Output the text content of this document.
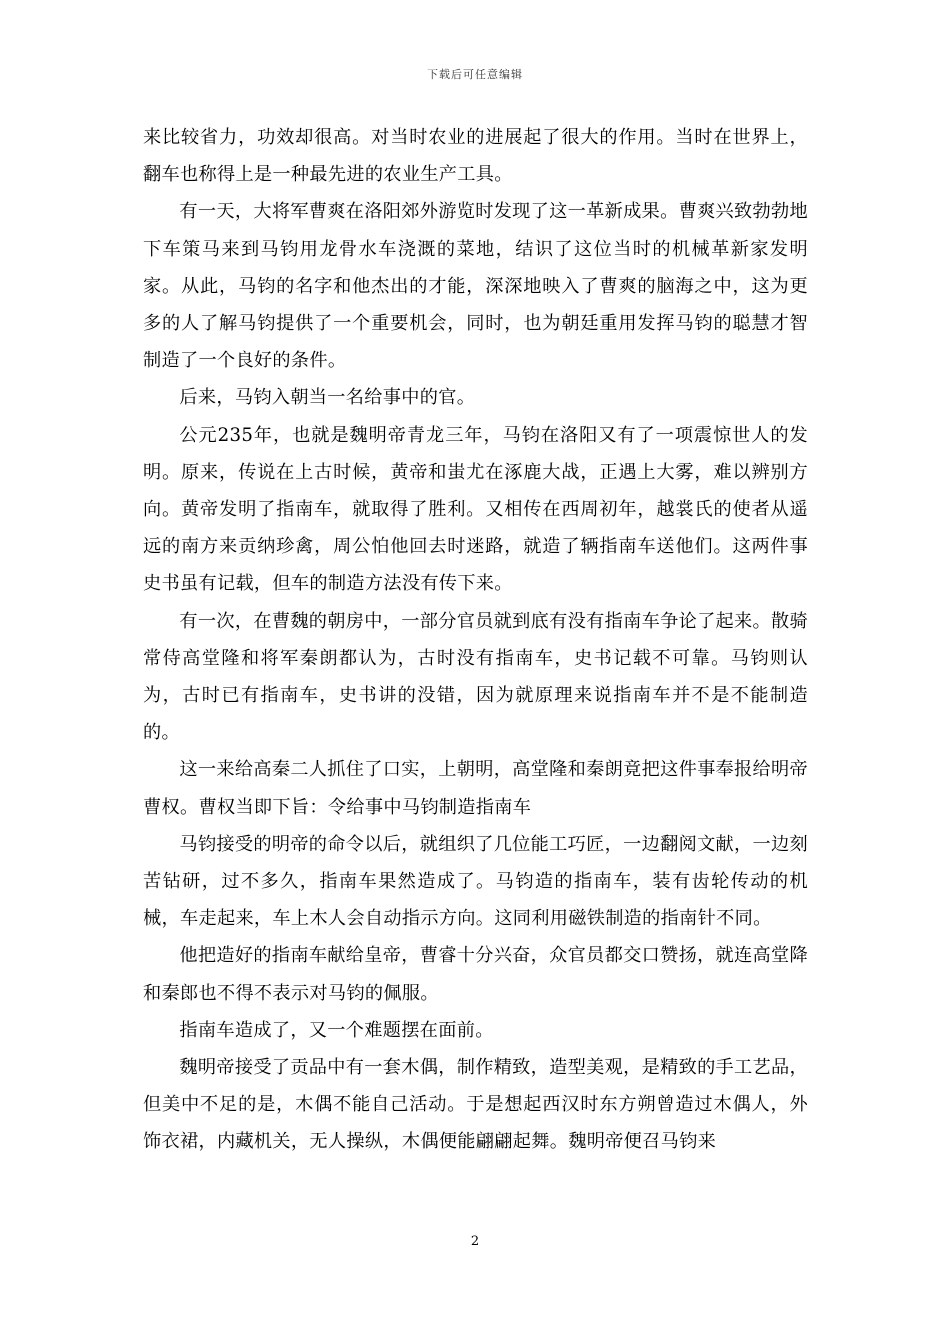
下载后可任意编辑

来比较省力，功效却很高。对当时农业的进展起了很大的作用。当时在世界上，翻车也称得上是一种最先进的农业生产工具。

有一天，大将军曹爽在洛阳郊外游览时发现了这一革新成果。曹爽兴致勃勃地下车策马来到马钧用龙骨水车浇溉的菜地，结识了这位当时的机械革新家发明家。从此，马钧的名字和他杰出的才能，深深地映入了曹爽的脑海之中，这为更多的人了解马钧提供了一个重要机会，同时，也为朝廷重用发挥马钧的聪慧才智制造了一个良好的条件。

后来，马钧入朝当一名给事中的官。

公元235年，也就是魏明帝青龙三年，马钧在洛阳又有了一项震惊世人的发明。原来，传说在上古时候，黄帝和蚩尤在涿鹿大战，正遇上大雾，难以辨别方向。黄帝发明了指南车，就取得了胜利。又相传在西周初年，越裳氏的使者从遥远的南方来贡纳珍禽，周公怕他回去时迷路，就造了辆指南车送他们。这两件事史书虽有记载，但车的制造方法没有传下来。

有一次，在曹魏的朝房中，一部分官员就到底有没有指南车争论了起来。散骑常侍高堂隆和将军秦朗都认为，古时没有指南车，史书记载不可靠。马钧则认为，古时已有指南车，史书讲的没错，因为就原理来说指南车并不是不能制造的。

这一来给高秦二人抓住了口实，上朝明，高堂隆和秦朗竟把这件事奉报给明帝曹权。曹权当即下旨：令给事中马钧制造指南车

马钧接受的明帝的命令以后，就组织了几位能工巧匠，一边翻阅文献，一边刻苦钻研，过不多久，指南车果然造成了。马钧造的指南车，装有齿轮传动的机械，车走起来，车上木人会自动指示方向。这同利用磁铁制造的指南针不同。

他把造好的指南车献给皇帝，曹睿十分兴奋，众官员都交口赞扬，就连高堂降和秦郎也不得不表示对马钧的佩服。

指南车造成了，又一个难题摆在面前。

魏明帝接受了贡品中有一套木偶，制作精致，造型美观，是精致的手工艺品，但美中不足的是，木偶不能自己活动。于是想起西汉时东方朔曾造过木偶人，外饰衣裙，内藏机关，无人操纵，木偶便能翩翩起舞。魏明帝便召马钧来

2
